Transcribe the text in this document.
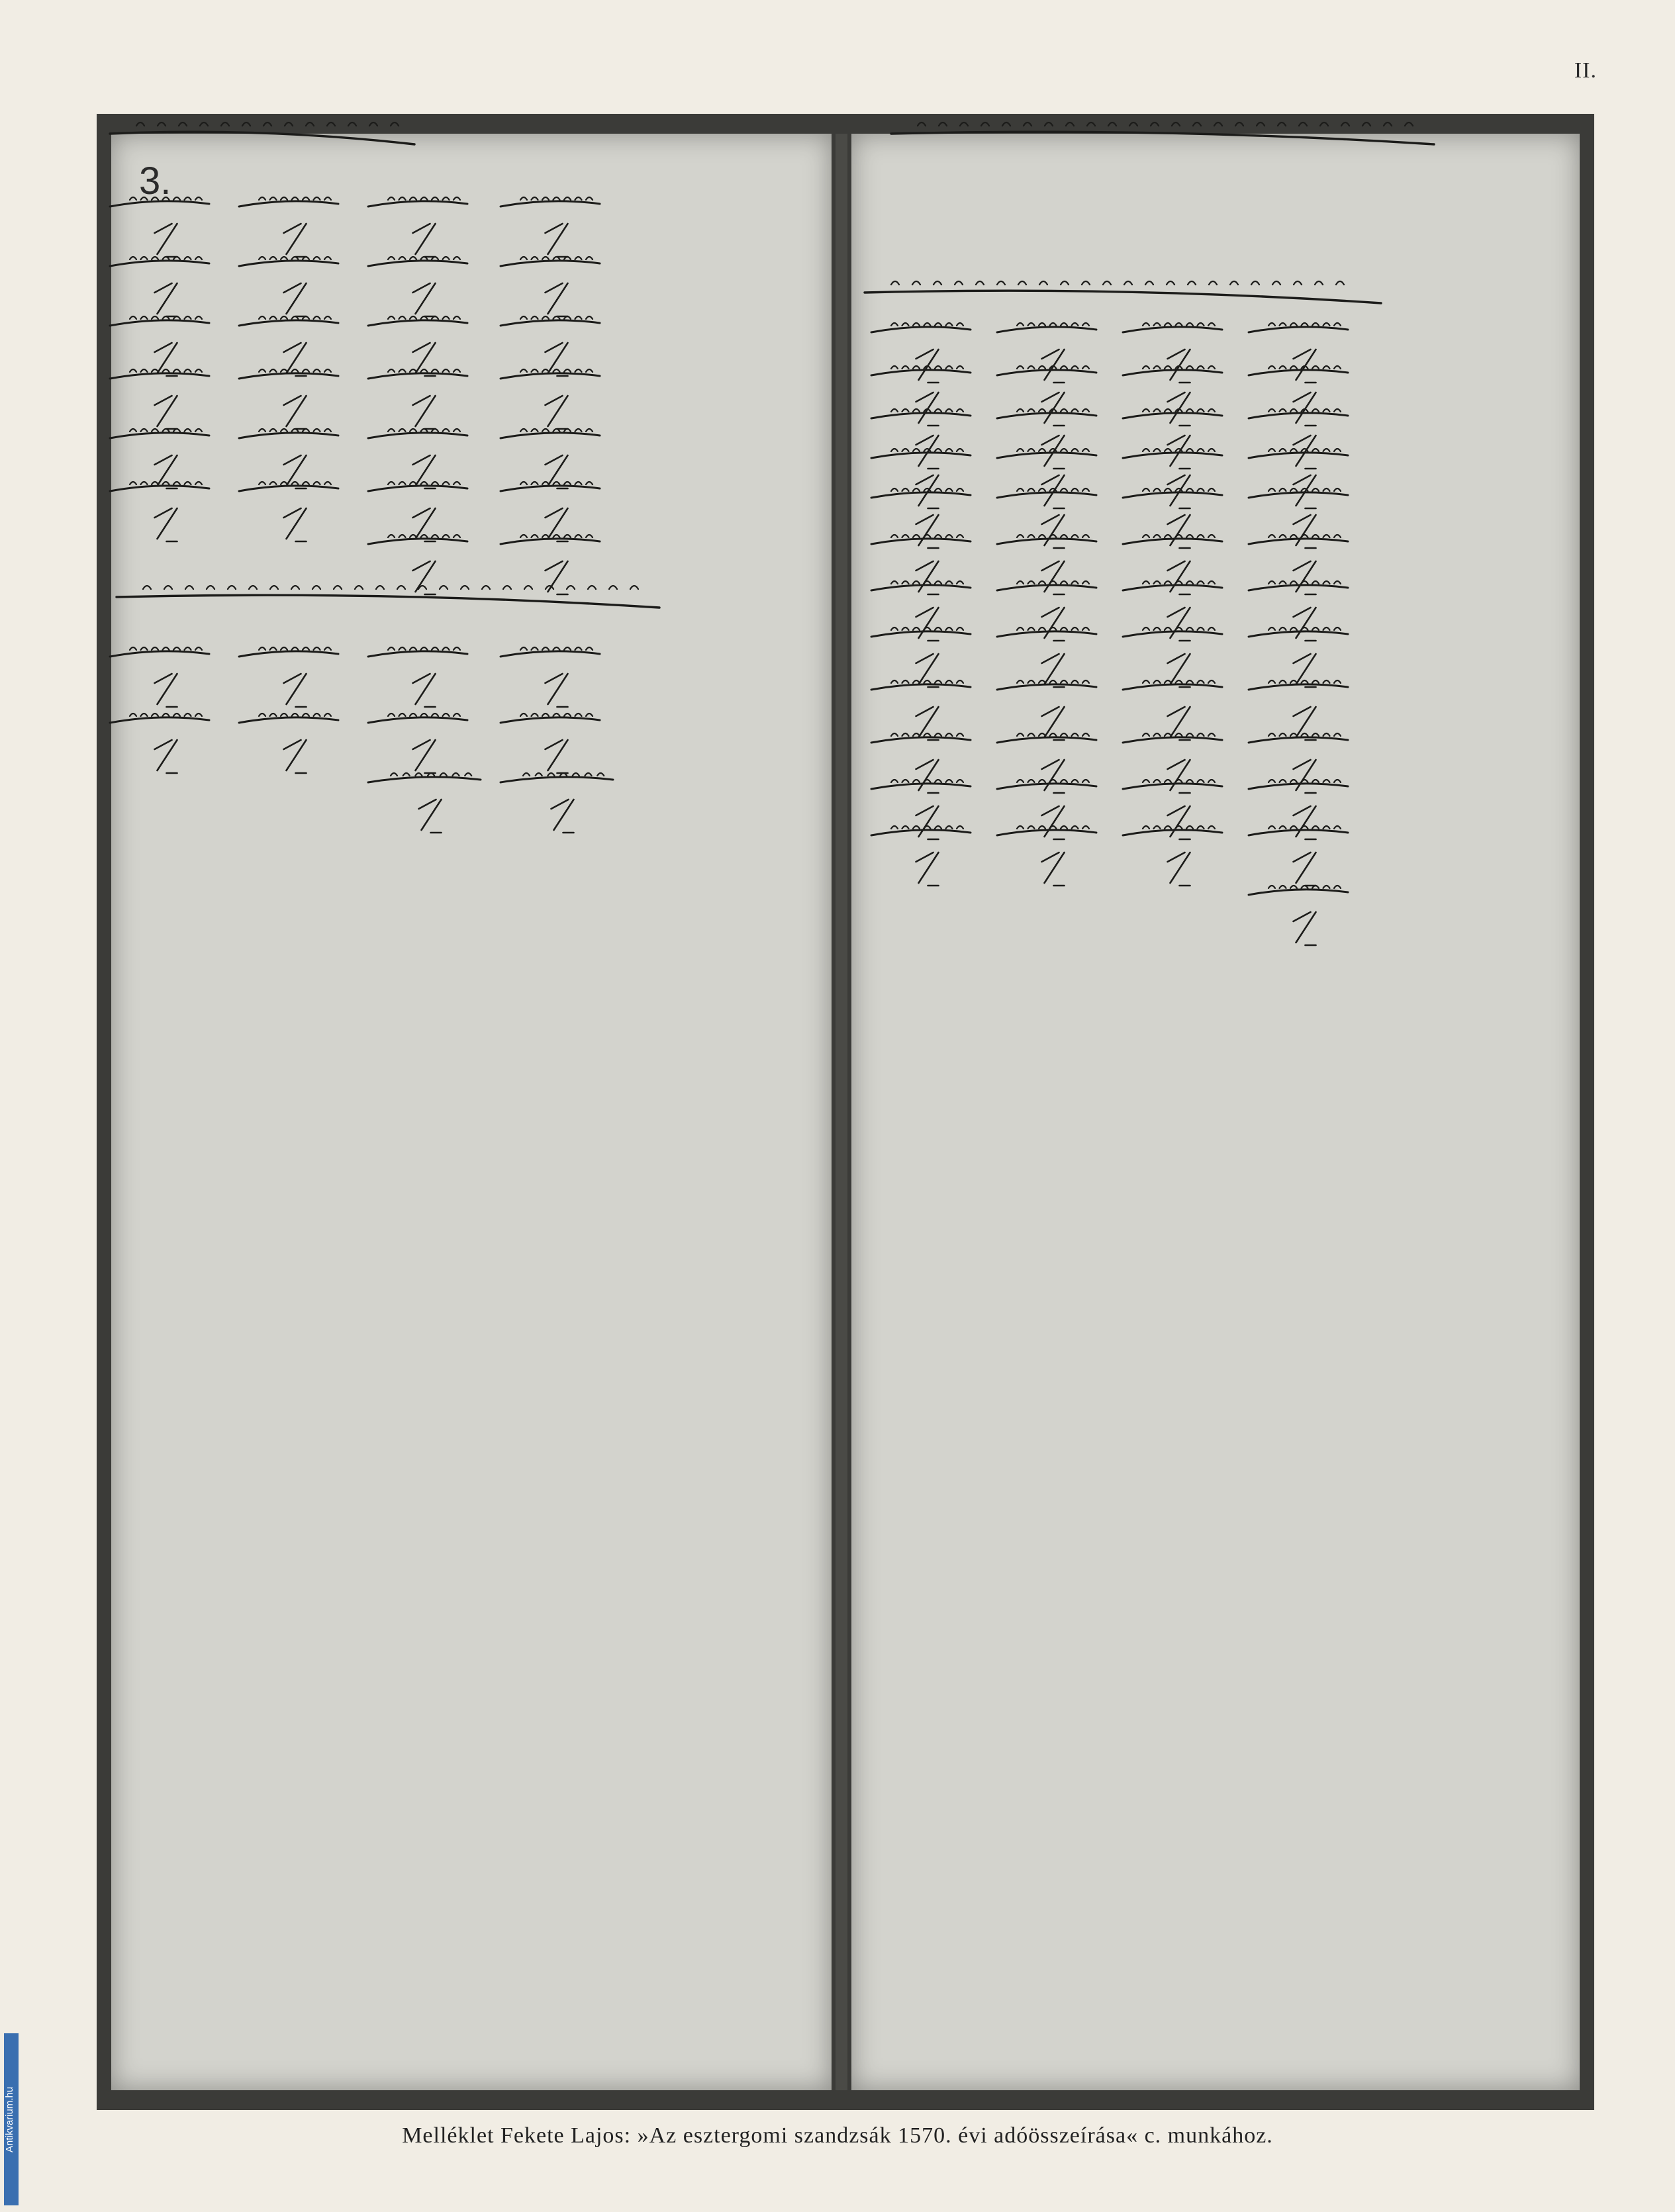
II.
3.
Melléklet Fekete Lajos: »Az esztergomi szandzsák 1570. évi adóösszeírása« c. munkához.
Antikvarium.hu
